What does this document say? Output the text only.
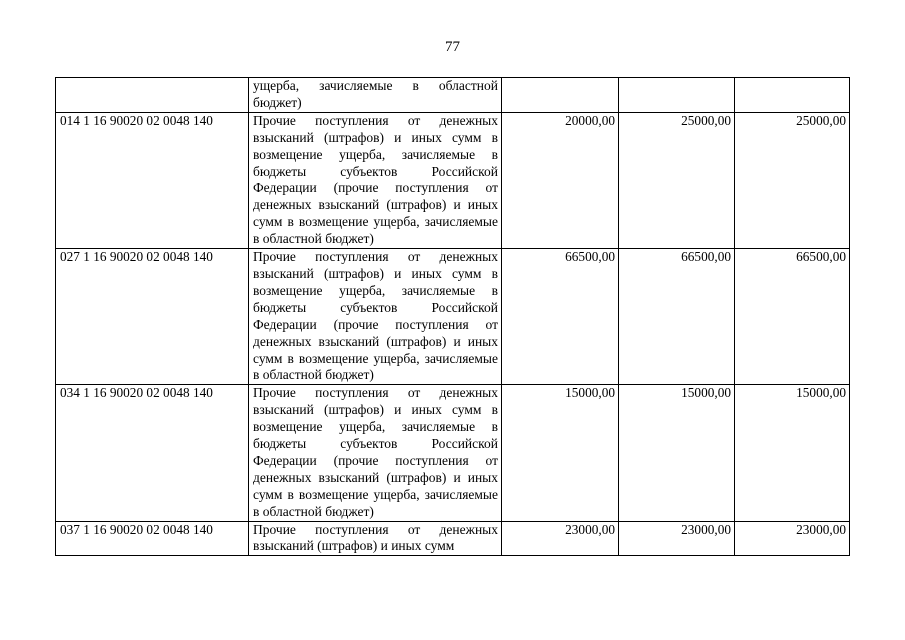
77
	ущерба, зачисляемые в областной бюджет)			
014 1 16 90020 02 0048 140	Прочие поступления от денежных взысканий (штрафов) и иных сумм в возмещение ущерба, зачисляемые в бюджеты субъектов Российской Федерации (прочие поступления от денежных взысканий (штрафов) и иных сумм в возмещение ущерба, зачисляемые в областной бюджет)	20000,00	25000,00	25000,00
027 1 16 90020 02 0048 140	Прочие поступления от денежных взысканий (штрафов) и иных сумм в возмещение ущерба, зачисляемые в бюджеты субъектов Российской Федерации (прочие поступления от денежных взысканий (штрафов) и иных сумм в возмещение ущерба, зачисляемые в областной бюджет)	66500,00	66500,00	66500,00
034 1 16 90020 02 0048 140	Прочие поступления от денежных взысканий (штрафов) и иных сумм в возмещение ущерба, зачисляемые в бюджеты субъектов Российской Федерации (прочие поступления от денежных взысканий (штрафов) и иных сумм в возмещение ущерба, зачисляемые в областной бюджет)	15000,00	15000,00	15000,00
037 1 16 90020 02 0048 140	Прочие поступления от денежных взысканий (штрафов) и иных сумм	23000,00	23000,00	23000,00
